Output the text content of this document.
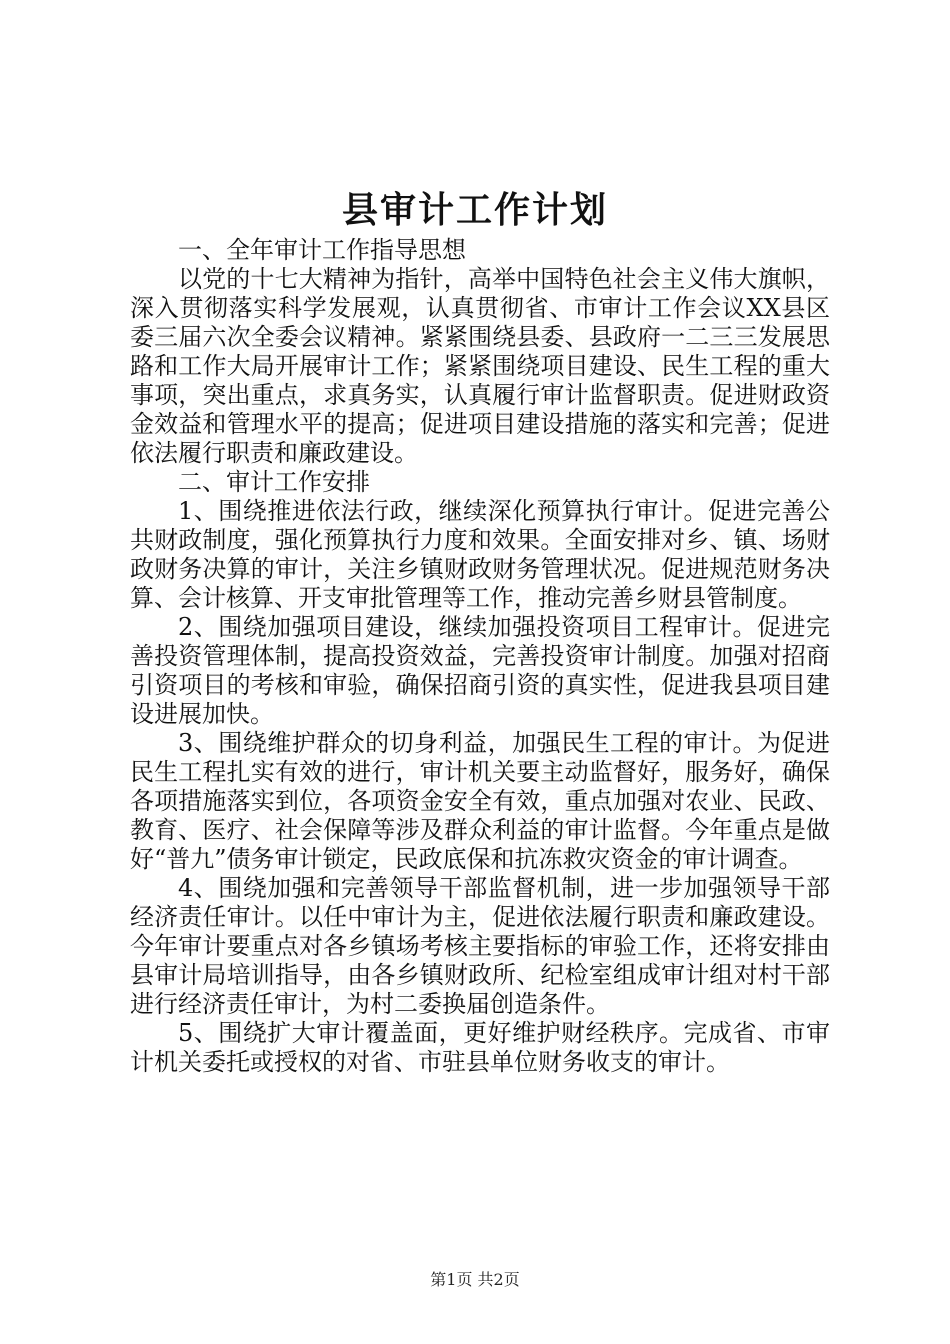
县审计工作计划

一、全年审计工作指导思想

以党的十七大精神为指针，高举中国特色社会主义伟大旗帜，深入贯彻落实科学发展观，认真贯彻省、市审计工作会议XX县区委三届六次全委会议精神。紧紧围绕县委、县政府一二三三发展思路和工作大局开展审计工作；紧紧围绕项目建设、民生工程的重大事项，突出重点，求真务实，认真履行审计监督职责。促进财政资金效益和管理水平的提高；促进项目建设措施的落实和完善；促进依法履行职责和廉政建设。

二、审计工作安排

1、围绕推进依法行政，继续深化预算执行审计。促进完善公共财政制度，强化预算执行力度和效果。全面安排对乡、镇、场财政财务决算的审计，关注乡镇财政财务管理状况。促进规范财务决算、会计核算、开支审批管理等工作，推动完善乡财县管制度。

2、围绕加强项目建设，继续加强投资项目工程审计。促进完善投资管理体制，提高投资效益，完善投资审计制度。加强对招商引资项目的考核和审验，确保招商引资的真实性，促进我县项目建设进展加快。

3、围绕维护群众的切身利益，加强民生工程的审计。为促进民生工程扎实有效的进行，审计机关要主动监督好，服务好，确保各项措施落实到位，各项资金安全有效，重点加强对农业、民政、教育、医疗、社会保障等涉及群众利益的审计监督。今年重点是做好“普九”债务审计锁定，民政底保和抗冻救灾资金的审计调查。

4、围绕加强和完善领导干部监督机制，进一步加强领导干部经济责任审计。以任中审计为主，促进依法履行职责和廉政建设。今年审计要重点对各乡镇场考核主要指标的审验工作，还将安排由县审计局培训指导，由各乡镇财政所、纪检室组成审计组对村干部进行经济责任审计，为村二委换届创造条件。

5、围绕扩大审计覆盖面，更好维护财经秩序。完成省、市审计机关委托或授权的对省、市驻县单位财务收支的审计。

第1页 共2页
